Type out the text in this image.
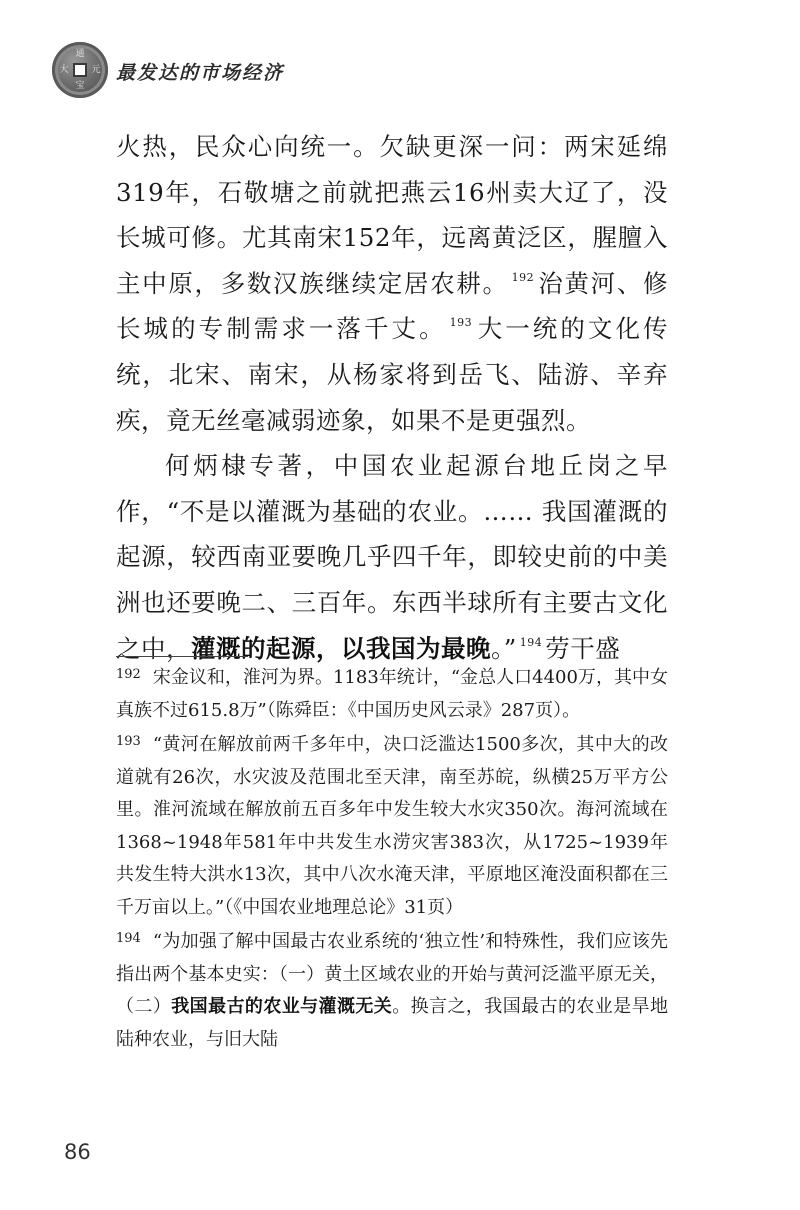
通
宝
大	元 最发达的市场经济

火热，民众心向统一。欠缺更深一问：两宋延绵319年，石敬塘之前就把燕云16州卖大辽了，没长城可修。尤其南宋152年，远离黄泛区，腥膻入主中原，多数汉族继续定居农耕。 $^{192}$ 治黄河、修长城的专制需求一落千丈。 $^{193}$ 大一统的文化传统，北宋、南宋，从杨家将到岳飞、陆游、辛弃疾，竟无丝毫减弱迹象，如果不是更强烈。

何炳棣专著，中国农业起源台地丘岗之早作，“不是以灌溉为基础的农业。…… 我国灌溉的起源，较西南亚要晚几乎四千年，即较史前的中美洲也还要晚二、三百年。东西半球所有主要古文化之中，灌溉的起源，以我国为最晚。” $^{194}$ 劳干盛

$^{192}$ 宋金议和，淮河为界。1183年统计，“金总人口4400万，其中女真族不过615.8万”（陈舜臣：《中国历史风云录》287页）。

$^{193}$ “黄河在解放前两千多年中，决口泛滥达1500多次，其中大的改道就有26次，水灾波及范围北至天津，南至苏皖，纵横25万平方公里。淮河流域在解放前五百多年中发生较大水灾350次。海河流域在1368~1948年581年中共发生水涝灾害383次，从1725~1939年共发生特大洪水13次，其中八次水淹天津，平原地区淹没面积都在三千万亩以上。”（《中国农业地理总论》31页）

$^{194}$ “为加强了解中国最古农业系统的‘独立性’和特殊性，我们应该先指出两个基本史实：（一）黄土区域农业的开始与黄河泛滥平原无关，（二）我国最古的农业与灌溉无关。换言之，我国最古的农业是旱地陆种农业，与旧大陆

86
